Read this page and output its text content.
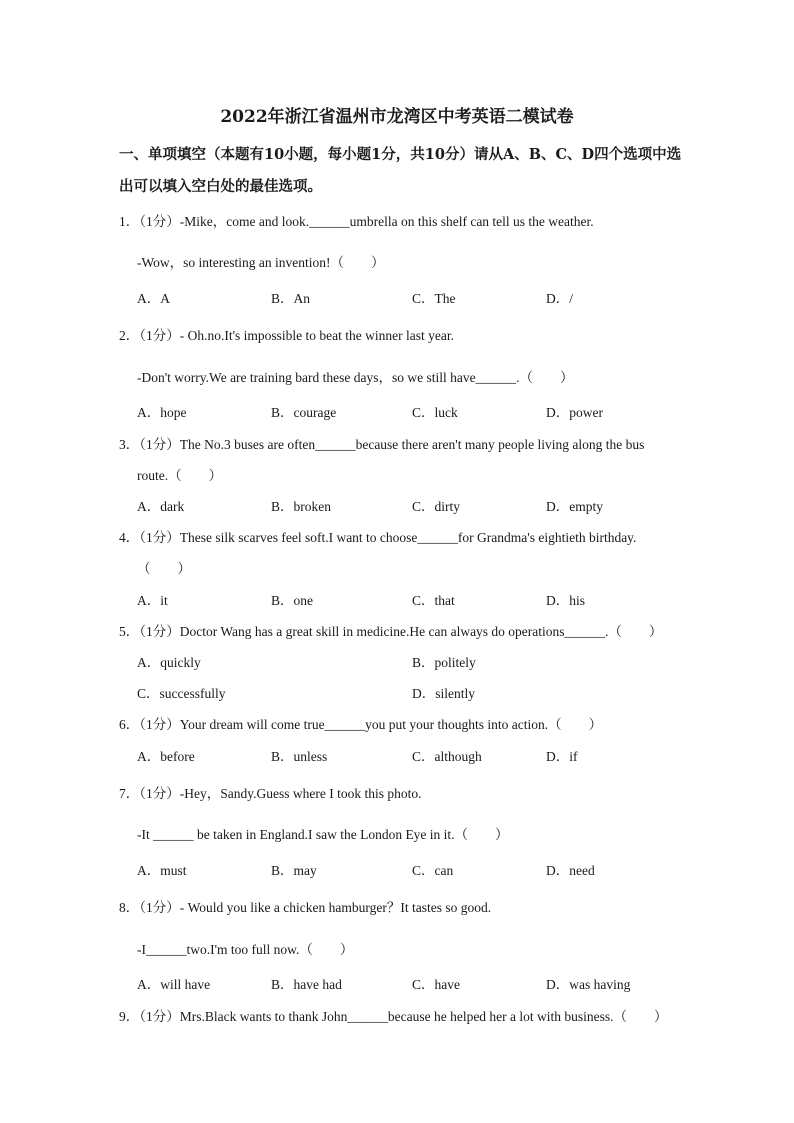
2022年浙江省温州市龙湾区中考英语二模试卷
一、单项填空（本题有10小题，每小题1分，共10分）请从A、B、C、D四个选项中选
出可以填入空白处的最佳选项。
1．（1分）-Mike，come and look.______umbrella on this shelf can tell us the weather.
-Wow，so interesting an invention!（　　）
A．A	B．An	C．The	D．/
2．（1分）- Oh.no.It's impossible to beat the winner last year.
-Don't worry.We are training bard these days，so we still have______.（　　）
A．hope	B．courage	C．luck	D．power
3．（1分）The No.3 buses are often______because there aren't many people living along the bus
route.（　　）
A．dark	B．broken	C．dirty	D．empty
4．（1分）These silk scarves feel soft.I want to choose______for Grandma's eightieth birthday.
（　　）
A．it	B．one	C．that	D．his
5．（1分）Doctor Wang has a great skill in medicine.He can always do operations______.（　　）
A．quickly	B．politely
C．successfully	D．silently
6．（1分）Your dream will come true______you put your thoughts into action.（　　）
A．before	B．unless	C．although	D．if
7．（1分）-Hey，Sandy.Guess where I took this photo.
-It ______ be taken in England.I saw the London Eye in it.（　　）
A．must	B．may	C．can	D．need
8．（1分）- Would you like a chicken hamburger？It tastes so good.
-I______two.I'm too full now.（　　）
A．will have	B．have had	C．have	D．was having
9．（1分）Mrs.Black wants to thank John______because he helped her a lot with business.（　　）
